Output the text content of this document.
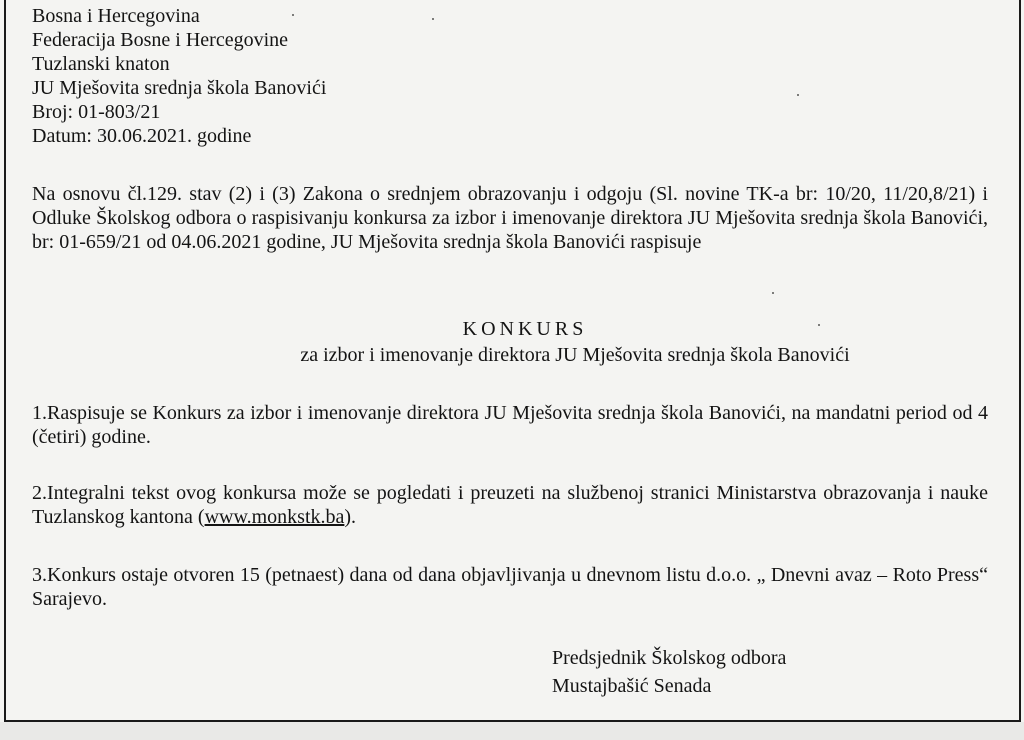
Bosna i Hercegovina
Federacija Bosne i Hercegovine
Tuzlanski knaton
JU Mješovita srednja škola Banovići
Broj: 01-803/21
Datum: 30.06.2021. godine
Na osnovu čl.129. stav (2) i (3) Zakona o srednjem obrazovanju i odgoju (Sl. novine TK-a br: 10/20, 11/20,8/21) i Odluke Školskog odbora o raspisivanju konkursa za izbor i imenovanje direktora JU Mješovita srednja škola Banovići, br: 01-659/21 od 04.06.2021 godine, JU Mješovita srednja škola Banovići raspisuje
KONKURS
za izbor i imenovanje direktora JU Mješovita srednja škola Banovići
1.Raspisuje se Konkurs za izbor i imenovanje direktora JU Mješovita srednja škola Banovići, na mandatni period od 4 (četiri) godine.
2.Integralni tekst ovog konkursa može se pogledati i preuzeti na službenoj stranici Ministarstva obrazovanja i nauke Tuzlanskog kantona (www.monkstk.ba).
3.Konkurs ostaje otvoren 15 (petnaest) dana od dana objavljivanja u dnevnom listu d.o.o. „ Dnevni avaz – Roto Press“ Sarajevo.
Predsjednik Školskog odbora
Mustajbašić Senada
